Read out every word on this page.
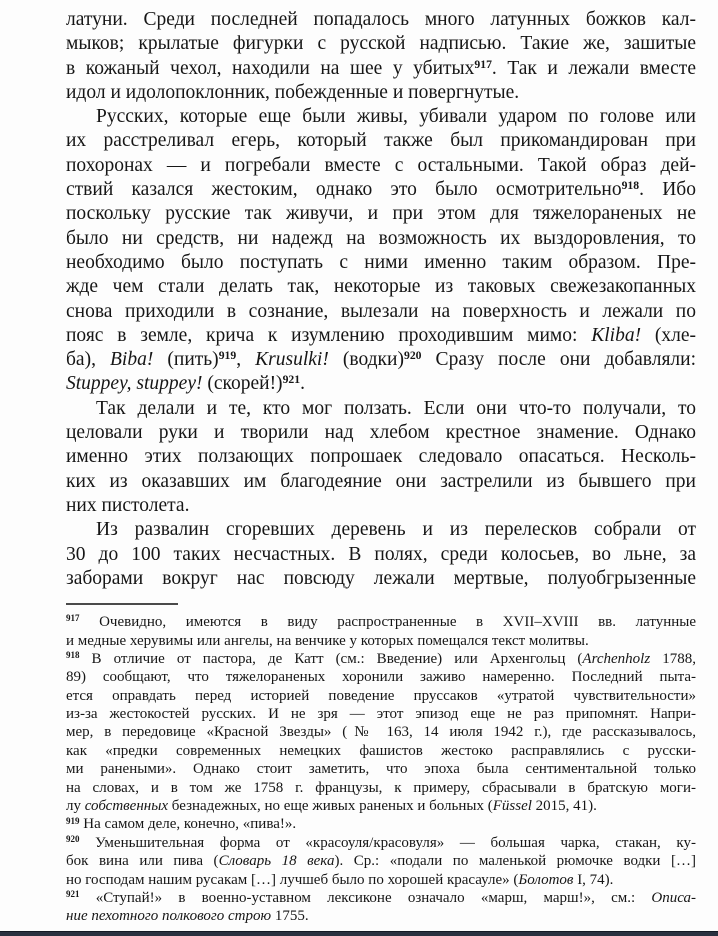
латуни. Среди последней попадалось много латунных божков кал-
мыков; крылатые фигурки с русской надписью. Такие же, зашитые
в кожаный чехол, находили на шее у убитых$^{917}$. Так и лежали вместе
идол и идолопоклонник, побежденные и повергнутые.
Русских, которые еще были живы, убивали ударом по голове или
их расстреливал егерь, который также был прикомандирован при
похоронах — и погребали вместе с остальными. Такой образ дей-
ствий казался жестоким, однако это было осмотрительно$^{918}$. Ибо
поскольку русские так живучи, и при этом для тяжелораненых не
было ни средств, ни надежд на возможность их выздоровления, то
необходимо было поступать с ними именно таким образом. Пре-
жде чем стали делать так, некоторые из таковых свежезакопанных
снова приходили в сознание, вылезали на поверхность и лежали по
пояс в земле, крича к изумлению проходившим мимо: Kliba! (хле-
ба), Biba! (пить)$^{919}$, Krusulki! (водки)$^{920}$ Сразу после они добавляли:
Stuppey, stuppey! (скорей!)$^{921}$.
Так делали и те, кто мог ползать. Если они что-то получали, то
целовали руки и творили над хлебом крестное знамение. Однако
именно этих ползающих попрошаек следовало опасаться. Несколь-
ких из оказавших им благодеяние они застрелили из бывшего при
них пистолета.
Из развалин сгоревших деревень и из перелесков собрали от
30 до 100 таких несчастных. В полях, среди колосьев, во льне, за
заборами вокруг нас повсюду лежали мертвые, полуобгрызенные
$^{917}$ Очевидно, имеются в виду распространенные в XVII–XVIII вв. латунные
и медные херувимы или ангелы, на венчике у которых помещался текст молитвы.
$^{918}$ В отличие от пастора, де Катт (см.: Введение) или Архенгольц (Archenholz 1788,
89) сообщают, что тяжелораненых хоронили заживо намеренно. Последний пыта-
ется оправдать перед историей поведение пруссаков «утратой чувствительности»
из-за жестокостей русских. И не зря — этот эпизод еще не раз припомнят. Напри-
мер, в передовице «Красной Звезды» (№ 163, 14 июля 1942 г.), где рассказывалось,
как «предки современных немецких фашистов жестоко расправлялись с русски-
ми ранеными». Однако стоит заметить, что эпоха была сентиментальной только
на словах, и в том же 1758 г. французы, к примеру, сбрасывали в братскую моги-
лу собственных безнадежных, но еще живых раненых и больных (Füssel 2015, 41).
$^{919}$ На самом деле, конечно, «пива!».
$^{920}$ Уменьшительная форма от «красоуля/красовуля» — большая чарка, стакан, ку-
бок вина или пива (Словарь 18 века). Ср.: «подали по маленькой рюмочке водки […]
но господам нашим русакам […] лучшеб было по хорошей красауле» (Болотов I, 74).
$^{921}$ «Ступай!» в военно-уставном лексиконе означало «марш, марш!», см.: Описа-
ние пехотного полкового строю 1755.
